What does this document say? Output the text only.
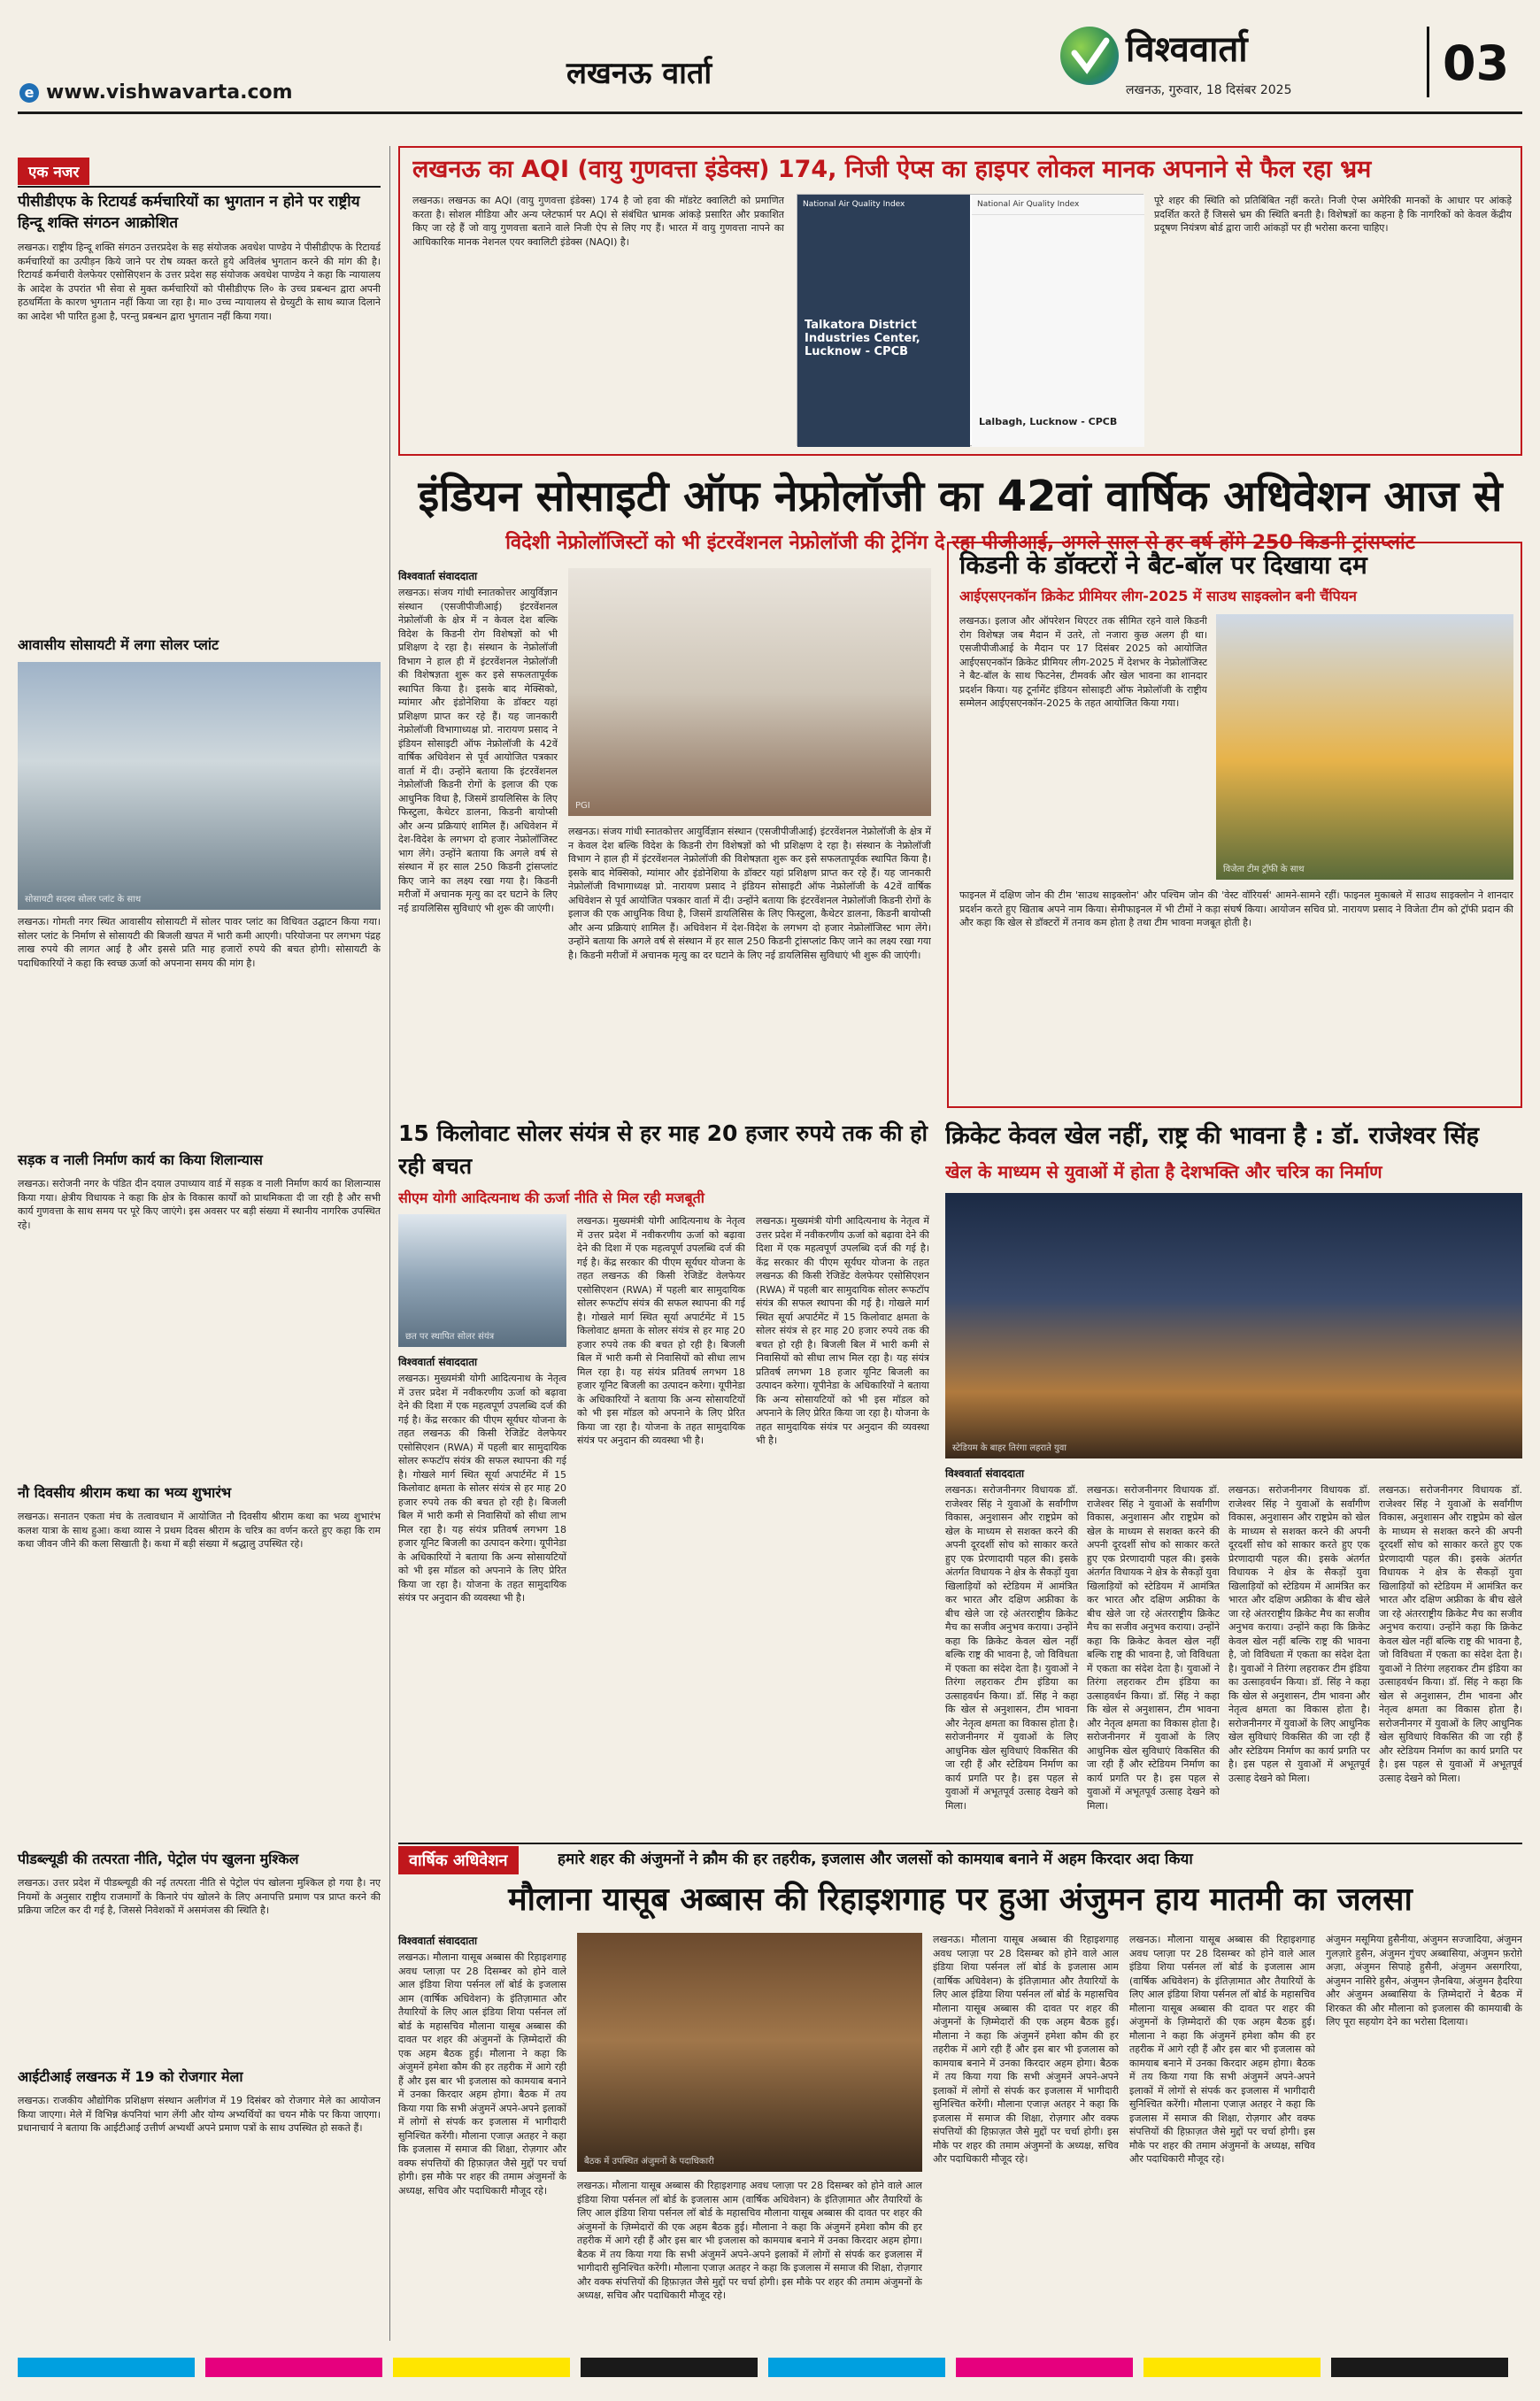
लखनऊ वार्ता
e www.vishwavarta.com
विश्ववार्ता
लखनऊ, गुरुवार, 18 दिसंबर 2025	03
एक नजर
पीसीडीएफ के रिटायर्ड कर्मचारियों का भुगतान न होने पर राष्ट्रीय हिन्दू शक्ति संगठन आक्रोशित
लखनऊ। राष्ट्रीय हिन्दू शक्ति संगठन उत्तरप्रदेश के सह संयोजक अवधेश पाण्डेय ने पीसीडीएफ के रिटायर्ड कर्मचारियों का उत्पीड़न किये जाने पर रोष व्यक्त करते हुये अविलंब भुगतान करने की मांग की है। रिटायर्ड कर्मचारी वेलफेयर एसोसिएशन के उत्तर प्रदेश सह संयोजक अवधेश पाण्डेय ने कहा कि न्यायालय के आदेश के उपरांत भी सेवा से मुक्त कर्मचारियों को पीसीडीएफ लि० के उच्च प्रबन्धन द्वारा अपनी हठधर्मिता के कारण भुगतान नहीं किया जा रहा है। मा० उच्च न्यायालय से ग्रेच्युटी के साथ ब्याज दिलाने का आदेश भी पारित हुआ है, परन्तु प्रबन्धन द्वारा भुगतान नहीं किया गया।
आवासीय सोसायटी में लगा सोलर प्लांट
सोसायटी सदस्य सोलर प्लांट के साथ
लखनऊ। गोमती नगर स्थित आवासीय सोसायटी में सोलर पावर प्लांट का विधिवत उद्घाटन किया गया। सोलर प्लांट के निर्माण से सोसायटी की बिजली खपत में भारी कमी आएगी। परियोजना पर लगभग पंद्रह लाख रुपये की लागत आई है और इससे प्रति माह हजारों रुपये की बचत होगी। सोसायटी के पदाधिकारियों ने कहा कि स्वच्छ ऊर्जा को अपनाना समय की मांग है।
सड़क व नाली निर्माण कार्य का किया शिलान्यास
लखनऊ। सरोजनी नगर के पंडित दीन दयाल उपाध्याय वार्ड में सड़क व नाली निर्माण कार्य का शिलान्यास किया गया। क्षेत्रीय विधायक ने कहा कि क्षेत्र के विकास कार्यों को प्राथमिकता दी जा रही है और सभी कार्य गुणवत्ता के साथ समय पर पूरे किए जाएंगे। इस अवसर पर बड़ी संख्या में स्थानीय नागरिक उपस्थित रहे।
नौ दिवसीय श्रीराम कथा का भव्य शुभारंभ
लखनऊ। सनातन एकता मंच के तत्वावधान में आयोजित नौ दिवसीय श्रीराम कथा का भव्य शुभारंभ कलश यात्रा के साथ हुआ। कथा व्यास ने प्रथम दिवस श्रीराम के चरित्र का वर्णन करते हुए कहा कि राम कथा जीवन जीने की कला सिखाती है। कथा में बड़ी संख्या में श्रद्धालु उपस्थित रहे।
पीडब्ल्यूडी की तत्परता नीति, पेट्रोल पंप खुलना मुश्किल
लखनऊ। उत्तर प्रदेश में पीडब्ल्यूडी की नई तत्परता नीति से पेट्रोल पंप खोलना मुश्किल हो गया है। नए नियमों के अनुसार राष्ट्रीय राजमार्गों के किनारे पंप खोलने के लिए अनापत्ति प्रमाण पत्र प्राप्त करने की प्रक्रिया जटिल कर दी गई है, जिससे निवेशकों में असमंजस की स्थिति है।
आईटीआई लखनऊ में 19 को रोजगार मेला
लखनऊ। राजकीय औद्योगिक प्रशिक्षण संस्थान अलीगंज में 19 दिसंबर को रोजगार मेले का आयोजन किया जाएगा। मेले में विभिन्न कंपनियां भाग लेंगी और योग्य अभ्यर्थियों का चयन मौके पर किया जाएगा। प्रधानाचार्य ने बताया कि आईटीआई उत्तीर्ण अभ्यर्थी अपने प्रमाण पत्रों के साथ उपस्थित हो सकते हैं।
लखनऊ का AQI (वायु गुणवत्ता इंडेक्स) 174, निजी ऐप्स का हाइपर लोकल मानक अपनाने से फैल रहा भ्रम
लखनऊ। लखनऊ का AQI (वायु गुणवत्ता इंडेक्स) 174 है जो हवा की मॉडरेट क्वालिटी को प्रमाणित करता है। सोशल मीडिया और अन्य प्लेटफार्म पर AQI से संबंधित भ्रामक आंकड़े प्रसारित और प्रकाशित किए जा रहे हैं जो वायु गुणवत्ता बताने वाले निजी ऐप से लिए गए हैं। भारत में वायु गुणवत्ता नापने का आधिकारिक मानक नेशनल एयर क्वालिटी इंडेक्स (NAQI) है।
National Air Quality Index
Talkatora District Industries Center, Lucknow - CPCB
National Air Quality Index
Lalbagh, Lucknow - CPCB
पूरे शहर की स्थिति को प्रतिबिंबित नहीं करते। निजी ऐप्स अमेरिकी मानकों के आधार पर आंकड़े प्रदर्शित करते हैं जिससे भ्रम की स्थिति बनती है। विशेषज्ञों का कहना है कि नागरिकों को केवल केंद्रीय प्रदूषण नियंत्रण बोर्ड द्वारा जारी आंकड़ों पर ही भरोसा करना चाहिए।
इंडियन सोसाइटी ऑफ नेफ्रोलॉजी का 42वां वार्षिक अधिवेशन आज से
विदेशी नेफ्रोलॉजिस्टों को भी इंटरवेंशनल नेफ्रोलॉजी की ट्रेनिंग दे रहा पीजीआई, अगले साल से हर वर्ष होंगे 250 किडनी ट्रांसप्लांट
विश्ववार्ता संवाददाता
लखनऊ। संजय गांधी स्नातकोत्तर आयुर्विज्ञान संस्थान (एसजीपीजीआई) इंटरवेंशनल नेफ्रोलॉजी के क्षेत्र में न केवल देश बल्कि विदेश के किडनी रोग विशेषज्ञों को भी प्रशिक्षण दे रहा है। संस्थान के नेफ्रोलॉजी विभाग ने हाल ही में इंटरवेंशनल नेफ्रोलॉजी की विशेषज्ञता शुरू कर इसे सफलतापूर्वक स्थापित किया है। इसके बाद मेक्सिको, म्यांमार और इंडोनेशिया के डॉक्टर यहां प्रशिक्षण प्राप्त कर रहे हैं। यह जानकारी नेफ्रोलॉजी विभागाध्यक्ष प्रो. नारायण प्रसाद ने इंडियन सोसाइटी ऑफ नेफ्रोलॉजी के 42वें वार्षिक अधिवेशन से पूर्व आयोजित पत्रकार वार्ता में दी। उन्होंने बताया कि इंटरवेंशनल नेफ्रोलॉजी किडनी रोगों के इलाज की एक आधुनिक विधा है, जिसमें डायलिसिस के लिए फिस्टुला, कैथेटर डालना, किडनी बायोप्सी और अन्य प्रक्रियाएं शामिल हैं। अधिवेशन में देश-विदेश के लगभग दो हजार नेफ्रोलॉजिस्ट भाग लेंगे। उन्होंने बताया कि अगले वर्ष से संस्थान में हर साल 250 किडनी ट्रांसप्लांट किए जाने का लक्ष्य रखा गया है। किडनी मरीजों में अचानक मृत्यु का दर घटाने के लिए नई डायलिसिस सुविधाएं भी शुरू की जाएंगी।
PGI
लखनऊ। संजय गांधी स्नातकोत्तर आयुर्विज्ञान संस्थान (एसजीपीजीआई) इंटरवेंशनल नेफ्रोलॉजी के क्षेत्र में न केवल देश बल्कि विदेश के किडनी रोग विशेषज्ञों को भी प्रशिक्षण दे रहा है। संस्थान के नेफ्रोलॉजी विभाग ने हाल ही में इंटरवेंशनल नेफ्रोलॉजी की विशेषज्ञता शुरू कर इसे सफलतापूर्वक स्थापित किया है। इसके बाद मेक्सिको, म्यांमार और इंडोनेशिया के डॉक्टर यहां प्रशिक्षण प्राप्त कर रहे हैं। यह जानकारी नेफ्रोलॉजी विभागाध्यक्ष प्रो. नारायण प्रसाद ने इंडियन सोसाइटी ऑफ नेफ्रोलॉजी के 42वें वार्षिक अधिवेशन से पूर्व आयोजित पत्रकार वार्ता में दी। उन्होंने बताया कि इंटरवेंशनल नेफ्रोलॉजी किडनी रोगों के इलाज की एक आधुनिक विधा है, जिसमें डायलिसिस के लिए फिस्टुला, कैथेटर डालना, किडनी बायोप्सी और अन्य प्रक्रियाएं शामिल हैं। अधिवेशन में देश-विदेश के लगभग दो हजार नेफ्रोलॉजिस्ट भाग लेंगे। उन्होंने बताया कि अगले वर्ष से संस्थान में हर साल 250 किडनी ट्रांसप्लांट किए जाने का लक्ष्य रखा गया है। किडनी मरीजों में अचानक मृत्यु का दर घटाने के लिए नई डायलिसिस सुविधाएं भी शुरू की जाएंगी।
किडनी के डॉक्टरों ने बैट-बॉल पर दिखाया दम
आईएसएनकॉन क्रिकेट प्रीमियर लीग-2025 में साउथ साइक्लोन बनी चैंपियन
लखनऊ। इलाज और ऑपरेशन थिएटर तक सीमित रहने वाले किडनी रोग विशेषज्ञ जब मैदान में उतरे, तो नजारा कुछ अलग ही था। एसजीपीजीआई के मैदान पर 17 दिसंबर 2025 को आयोजित आईएसएनकॉन क्रिकेट प्रीमियर लीग-2025 में देशभर के नेफ्रोलॉजिस्ट ने बैट-बॉल के साथ फिटनेस, टीमवर्क और खेल भावना का शानदार प्रदर्शन किया। यह टूर्नामेंट इंडियन सोसाइटी ऑफ नेफ्रोलॉजी के राष्ट्रीय सम्मेलन आईएसएनकॉन-2025 के तहत आयोजित किया गया।
विजेता टीम ट्रॉफी के साथ
फाइनल में दक्षिण जोन की टीम 'साउथ साइक्लोन' और पश्चिम जोन की 'वेस्ट वॉरियर्स' आमने-सामने रहीं। फाइनल मुकाबले में साउथ साइक्लोन ने शानदार प्रदर्शन करते हुए खिताब अपने नाम किया। सेमीफाइनल में भी टीमों ने कड़ा संघर्ष किया। आयोजन सचिव प्रो. नारायण प्रसाद ने विजेता टीम को ट्रॉफी प्रदान की और कहा कि खेल से डॉक्टरों में तनाव कम होता है तथा टीम भावना मजबूत होती है।
15 किलोवाट सोलर संयंत्र से हर माह 20 हजार रुपये तक की हो रही बचत
सीएम योगी आदित्यनाथ की ऊर्जा नीति से मिल रही मजबूती
छत पर स्थापित सोलर संयंत्र
विश्ववार्ता संवाददाता
लखनऊ। मुख्यमंत्री योगी आदित्यनाथ के नेतृत्व में उत्तर प्रदेश में नवीकरणीय ऊर्जा को बढ़ावा देने की दिशा में एक महत्वपूर्ण उपलब्धि दर्ज की गई है। केंद्र सरकार की पीएम सूर्यघर योजना के तहत लखनऊ की किसी रेजिडेंट वेलफेयर एसोसिएशन (RWA) में पहली बार सामुदायिक सोलर रूफटॉप संयंत्र की सफल स्थापना की गई है। गोखले मार्ग स्थित सूर्या अपार्टमेंट में 15 किलोवाट क्षमता के सोलर संयंत्र से हर माह 20 हजार रुपये तक की बचत हो रही है। बिजली बिल में भारी कमी से निवासियों को सीधा लाभ मिल रहा है। यह संयंत्र प्रतिवर्ष लगभग 18 हजार यूनिट बिजली का उत्पादन करेगा। यूपीनेडा के अधिकारियों ने बताया कि अन्य सोसायटियों को भी इस मॉडल को अपनाने के लिए प्रेरित किया जा रहा है। योजना के तहत सामुदायिक संयंत्र पर अनुदान की व्यवस्था भी है।
लखनऊ। मुख्यमंत्री योगी आदित्यनाथ के नेतृत्व में उत्तर प्रदेश में नवीकरणीय ऊर्जा को बढ़ावा देने की दिशा में एक महत्वपूर्ण उपलब्धि दर्ज की गई है। केंद्र सरकार की पीएम सूर्यघर योजना के तहत लखनऊ की किसी रेजिडेंट वेलफेयर एसोसिएशन (RWA) में पहली बार सामुदायिक सोलर रूफटॉप संयंत्र की सफल स्थापना की गई है। गोखले मार्ग स्थित सूर्या अपार्टमेंट में 15 किलोवाट क्षमता के सोलर संयंत्र से हर माह 20 हजार रुपये तक की बचत हो रही है। बिजली बिल में भारी कमी से निवासियों को सीधा लाभ मिल रहा है। यह संयंत्र प्रतिवर्ष लगभग 18 हजार यूनिट बिजली का उत्पादन करेगा। यूपीनेडा के अधिकारियों ने बताया कि अन्य सोसायटियों को भी इस मॉडल को अपनाने के लिए प्रेरित किया जा रहा है। योजना के तहत सामुदायिक संयंत्र पर अनुदान की व्यवस्था भी है।
लखनऊ। मुख्यमंत्री योगी आदित्यनाथ के नेतृत्व में उत्तर प्रदेश में नवीकरणीय ऊर्जा को बढ़ावा देने की दिशा में एक महत्वपूर्ण उपलब्धि दर्ज की गई है। केंद्र सरकार की पीएम सूर्यघर योजना के तहत लखनऊ की किसी रेजिडेंट वेलफेयर एसोसिएशन (RWA) में पहली बार सामुदायिक सोलर रूफटॉप संयंत्र की सफल स्थापना की गई है। गोखले मार्ग स्थित सूर्या अपार्टमेंट में 15 किलोवाट क्षमता के सोलर संयंत्र से हर माह 20 हजार रुपये तक की बचत हो रही है। बिजली बिल में भारी कमी से निवासियों को सीधा लाभ मिल रहा है। यह संयंत्र प्रतिवर्ष लगभग 18 हजार यूनिट बिजली का उत्पादन करेगा। यूपीनेडा के अधिकारियों ने बताया कि अन्य सोसायटियों को भी इस मॉडल को अपनाने के लिए प्रेरित किया जा रहा है। योजना के तहत सामुदायिक संयंत्र पर अनुदान की व्यवस्था भी है।
क्रिकेट केवल खेल नहीं, राष्ट्र की भावना है : डॉ. राजेश्वर सिंह
खेल के माध्यम से युवाओं में होता है देशभक्ति और चरित्र का निर्माण
स्टेडियम के बाहर तिरंगा लहराते युवा
विश्ववार्ता संवाददाता
लखनऊ। सरोजनीनगर विधायक डॉ. राजेश्वर सिंह ने युवाओं के सर्वांगीण विकास, अनुशासन और राष्ट्रप्रेम को खेल के माध्यम से सशक्त करने की अपनी दूरदर्शी सोच को साकार करते हुए एक प्रेरणादायी पहल की। इसके अंतर्गत विधायक ने क्षेत्र के सैकड़ों युवा खिलाड़ियों को स्टेडियम में आमंत्रित कर भारत और दक्षिण अफ्रीका के बीच खेले जा रहे अंतरराष्ट्रीय क्रिकेट मैच का सजीव अनुभव कराया। उन्होंने कहा कि क्रिकेट केवल खेल नहीं बल्कि राष्ट्र की भावना है, जो विविधता में एकता का संदेश देता है। युवाओं ने तिरंगा लहराकर टीम इंडिया का उत्साहवर्धन किया। डॉ. सिंह ने कहा कि खेल से अनुशासन, टीम भावना और नेतृत्व क्षमता का विकास होता है। सरोजनीनगर में युवाओं के लिए आधुनिक खेल सुविधाएं विकसित की जा रही हैं और स्टेडियम निर्माण का कार्य प्रगति पर है। इस पहल से युवाओं में अभूतपूर्व उत्साह देखने को मिला।
लखनऊ। सरोजनीनगर विधायक डॉ. राजेश्वर सिंह ने युवाओं के सर्वांगीण विकास, अनुशासन और राष्ट्रप्रेम को खेल के माध्यम से सशक्त करने की अपनी दूरदर्शी सोच को साकार करते हुए एक प्रेरणादायी पहल की। इसके अंतर्गत विधायक ने क्षेत्र के सैकड़ों युवा खिलाड़ियों को स्टेडियम में आमंत्रित कर भारत और दक्षिण अफ्रीका के बीच खेले जा रहे अंतरराष्ट्रीय क्रिकेट मैच का सजीव अनुभव कराया। उन्होंने कहा कि क्रिकेट केवल खेल नहीं बल्कि राष्ट्र की भावना है, जो विविधता में एकता का संदेश देता है। युवाओं ने तिरंगा लहराकर टीम इंडिया का उत्साहवर्धन किया। डॉ. सिंह ने कहा कि खेल से अनुशासन, टीम भावना और नेतृत्व क्षमता का विकास होता है। सरोजनीनगर में युवाओं के लिए आधुनिक खेल सुविधाएं विकसित की जा रही हैं और स्टेडियम निर्माण का कार्य प्रगति पर है। इस पहल से युवाओं में अभूतपूर्व उत्साह देखने को मिला।
लखनऊ। सरोजनीनगर विधायक डॉ. राजेश्वर सिंह ने युवाओं के सर्वांगीण विकास, अनुशासन और राष्ट्रप्रेम को खेल के माध्यम से सशक्त करने की अपनी दूरदर्शी सोच को साकार करते हुए एक प्रेरणादायी पहल की। इसके अंतर्गत विधायक ने क्षेत्र के सैकड़ों युवा खिलाड़ियों को स्टेडियम में आमंत्रित कर भारत और दक्षिण अफ्रीका के बीच खेले जा रहे अंतरराष्ट्रीय क्रिकेट मैच का सजीव अनुभव कराया। उन्होंने कहा कि क्रिकेट केवल खेल नहीं बल्कि राष्ट्र की भावना है, जो विविधता में एकता का संदेश देता है। युवाओं ने तिरंगा लहराकर टीम इंडिया का उत्साहवर्धन किया। डॉ. सिंह ने कहा कि खेल से अनुशासन, टीम भावना और नेतृत्व क्षमता का विकास होता है। सरोजनीनगर में युवाओं के लिए आधुनिक खेल सुविधाएं विकसित की जा रही हैं और स्टेडियम निर्माण का कार्य प्रगति पर है। इस पहल से युवाओं में अभूतपूर्व उत्साह देखने को मिला।
लखनऊ। सरोजनीनगर विधायक डॉ. राजेश्वर सिंह ने युवाओं के सर्वांगीण विकास, अनुशासन और राष्ट्रप्रेम को खेल के माध्यम से सशक्त करने की अपनी दूरदर्शी सोच को साकार करते हुए एक प्रेरणादायी पहल की। इसके अंतर्गत विधायक ने क्षेत्र के सैकड़ों युवा खिलाड़ियों को स्टेडियम में आमंत्रित कर भारत और दक्षिण अफ्रीका के बीच खेले जा रहे अंतरराष्ट्रीय क्रिकेट मैच का सजीव अनुभव कराया। उन्होंने कहा कि क्रिकेट केवल खेल नहीं बल्कि राष्ट्र की भावना है, जो विविधता में एकता का संदेश देता है। युवाओं ने तिरंगा लहराकर टीम इंडिया का उत्साहवर्धन किया। डॉ. सिंह ने कहा कि खेल से अनुशासन, टीम भावना और नेतृत्व क्षमता का विकास होता है। सरोजनीनगर में युवाओं के लिए आधुनिक खेल सुविधाएं विकसित की जा रही हैं और स्टेडियम निर्माण का कार्य प्रगति पर है। इस पहल से युवाओं में अभूतपूर्व उत्साह देखने को मिला।
वार्षिक अधिवेशन	हमारे शहर की अंजुमनों ने क्रौम की हर तहरीक, इजलास और जलसों को कामयाब बनाने में अहम किरदार अदा किया
मौलाना यासूब अब्बास की रिहाइशगाह पर हुआ अंजुमन हाय मातमी का जलसा
विश्ववार्ता संवाददाता
लखनऊ। मौलाना यासूब अब्बास की रिहाइशगाह अवध प्लाज़ा पर 28 दिसम्बर को होने वाले आल इंडिया शिया पर्सनल लॉ बोर्ड के इजलास आम (वार्षिक अधिवेशन) के इंतिज़ामात और तैयारियों के लिए आल इंडिया शिया पर्सनल लॉ बोर्ड के महासचिव मौलाना यासूब अब्बास की दावत पर शहर की अंजुमनों के ज़िम्मेदारों की एक अहम बैठक हुई। मौलाना ने कहा कि अंजुमनें हमेशा कौम की हर तहरीक में आगे रही हैं और इस बार भी इजलास को कामयाब बनाने में उनका किरदार अहम होगा। बैठक में तय किया गया कि सभी अंजुमनें अपने-अपने इलाकों में लोगों से संपर्क कर इजलास में भागीदारी सुनिश्चित करेंगी। मौलाना एजाज़ अतहर ने कहा कि इजलास में समाज की शिक्षा, रोज़गार और वक्फ संपत्तियों की हिफ़ाज़त जैसे मुद्दों पर चर्चा होगी। इस मौके पर शहर की तमाम अंजुमनों के अध्यक्ष, सचिव और पदाधिकारी मौजूद रहे।
बैठक में उपस्थित अंजुमनों के पदाधिकारी
लखनऊ। मौलाना यासूब अब्बास की रिहाइशगाह अवध प्लाज़ा पर 28 दिसम्बर को होने वाले आल इंडिया शिया पर्सनल लॉ बोर्ड के इजलास आम (वार्षिक अधिवेशन) के इंतिज़ामात और तैयारियों के लिए आल इंडिया शिया पर्सनल लॉ बोर्ड के महासचिव मौलाना यासूब अब्बास की दावत पर शहर की अंजुमनों के ज़िम्मेदारों की एक अहम बैठक हुई। मौलाना ने कहा कि अंजुमनें हमेशा कौम की हर तहरीक में आगे रही हैं और इस बार भी इजलास को कामयाब बनाने में उनका किरदार अहम होगा। बैठक में तय किया गया कि सभी अंजुमनें अपने-अपने इलाकों में लोगों से संपर्क कर इजलास में भागीदारी सुनिश्चित करेंगी। मौलाना एजाज़ अतहर ने कहा कि इजलास में समाज की शिक्षा, रोज़गार और वक्फ संपत्तियों की हिफ़ाज़त जैसे मुद्दों पर चर्चा होगी। इस मौके पर शहर की तमाम अंजुमनों के अध्यक्ष, सचिव और पदाधिकारी मौजूद रहे।
लखनऊ। मौलाना यासूब अब्बास की रिहाइशगाह अवध प्लाज़ा पर 28 दिसम्बर को होने वाले आल इंडिया शिया पर्सनल लॉ बोर्ड के इजलास आम (वार्षिक अधिवेशन) के इंतिज़ामात और तैयारियों के लिए आल इंडिया शिया पर्सनल लॉ बोर्ड के महासचिव मौलाना यासूब अब्बास की दावत पर शहर की अंजुमनों के ज़िम्मेदारों की एक अहम बैठक हुई। मौलाना ने कहा कि अंजुमनें हमेशा कौम की हर तहरीक में आगे रही हैं और इस बार भी इजलास को कामयाब बनाने में उनका किरदार अहम होगा। बैठक में तय किया गया कि सभी अंजुमनें अपने-अपने इलाकों में लोगों से संपर्क कर इजलास में भागीदारी सुनिश्चित करेंगी। मौलाना एजाज़ अतहर ने कहा कि इजलास में समाज की शिक्षा, रोज़गार और वक्फ संपत्तियों की हिफ़ाज़त जैसे मुद्दों पर चर्चा होगी। इस मौके पर शहर की तमाम अंजुमनों के अध्यक्ष, सचिव और पदाधिकारी मौजूद रहे।
लखनऊ। मौलाना यासूब अब्बास की रिहाइशगाह अवध प्लाज़ा पर 28 दिसम्बर को होने वाले आल इंडिया शिया पर्सनल लॉ बोर्ड के इजलास आम (वार्षिक अधिवेशन) के इंतिज़ामात और तैयारियों के लिए आल इंडिया शिया पर्सनल लॉ बोर्ड के महासचिव मौलाना यासूब अब्बास की दावत पर शहर की अंजुमनों के ज़िम्मेदारों की एक अहम बैठक हुई। मौलाना ने कहा कि अंजुमनें हमेशा कौम की हर तहरीक में आगे रही हैं और इस बार भी इजलास को कामयाब बनाने में उनका किरदार अहम होगा। बैठक में तय किया गया कि सभी अंजुमनें अपने-अपने इलाकों में लोगों से संपर्क कर इजलास में भागीदारी सुनिश्चित करेंगी। मौलाना एजाज़ अतहर ने कहा कि इजलास में समाज की शिक्षा, रोज़गार और वक्फ संपत्तियों की हिफ़ाज़त जैसे मुद्दों पर चर्चा होगी। इस मौके पर शहर की तमाम अंजुमनों के अध्यक्ष, सचिव और पदाधिकारी मौजूद रहे।
अंजुमन मसूमिया हुसैनीया, अंजुमन सज्जादिया, अंजुमन गुलज़ारे हुसैन, अंजुमन गुंचए अब्बासिया, अंजुमन फ़रोग़े अज़ा, अंजुमन सिपाहे हुसैनी, अंजुमन असगरिया, अंजुमन नासिरे हुसैन, अंजुमन ज़ैनबिया, अंजुमन हैदरिया और अंजुमन अब्बासिया के ज़िम्मेदारों ने बैठक में शिरकत की और मौलाना को इजलास की कामयाबी के लिए पूरा सहयोग देने का भरोसा दिलाया।
